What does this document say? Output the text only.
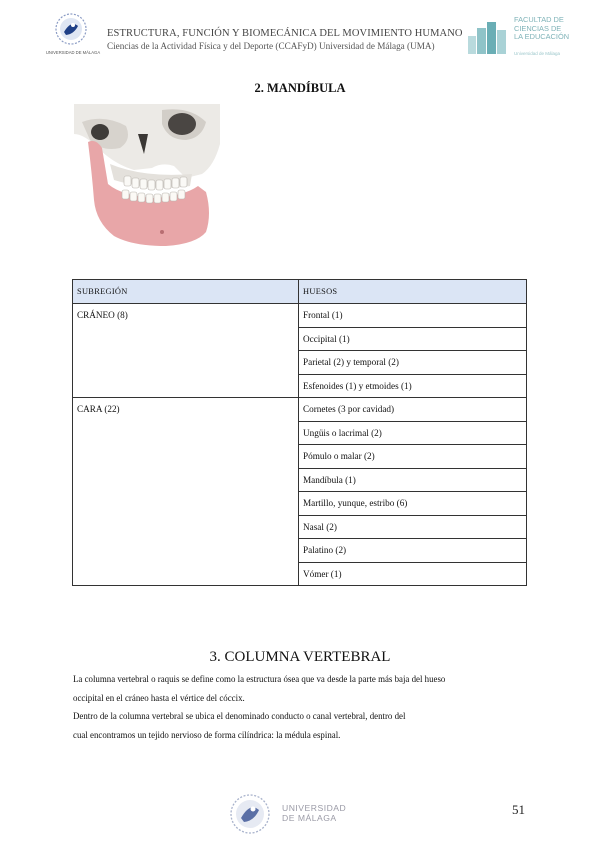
UNIVERSIDAD DE MÁLAGA
ESTRUCTURA, FUNCIÓN Y BIOMECÁNICA DEL MOVIMIENTO HUMANO
Ciencias de la Actividad Física y del Deporte (CCAFyD) Universidad de Málaga (UMA)
FACULTAD DE
CIENCIAS DE
LA EDUCACIÓN
Universidad de Málaga
2. MANDÍBULA
SUBREGIÓN	HUESOS
CRÁNEO (8)	Frontal (1)
	Occipital (1)
	Parietal (2) y temporal (2)
	Esfenoides (1) y etmoides (1)
CARA (22)	Cornetes (3 por cavidad)
	Ungüis o lacrimal (2)
	Pómulo o malar (2)
	Mandíbula (1)
	Martillo, yunque, estribo (6)
	Nasal (2)
	Palatino (2)
	Vómer (1)
3. COLUMNA VERTEBRAL
La columna vertebral o raquis se define como la estructura ósea que va desde la parte más baja del hueso
occipital en el cráneo hasta el vértice del cóccix.
Dentro de la columna vertebral se ubica el denominado conducto o canal vertebral, dentro del
cual encontramos un tejido nervioso de forma cilíndrica: la médula espinal.
UNIVERSIDAD
DE MÁLAGA
51
